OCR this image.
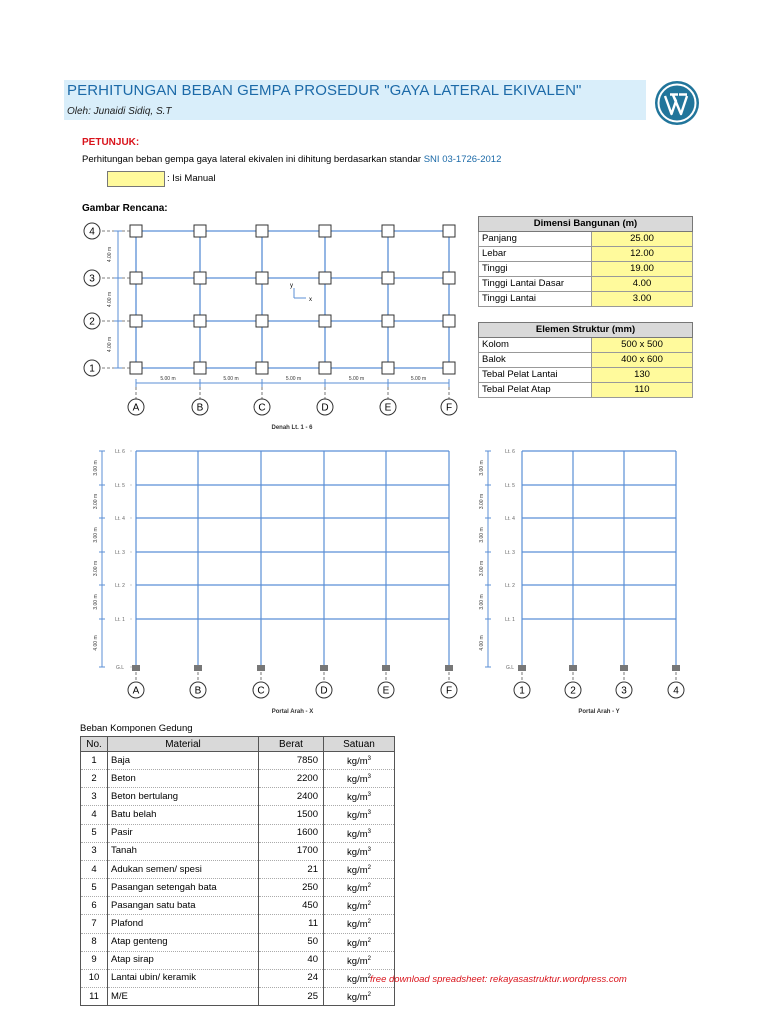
PERHITUNGAN BEBAN GEMPA PROSEDUR "GAYA LATERAL EKIVALEN"
Oleh: Junaidi Sidiq, S.T
PETUNJUK:
Perhitungan beban gempa gaya lateral ekivalen ini dihitung berdasarkan standar SNI 03-1726-2012
: Isi Manual
Gambar Rencana:
4
3
2
1
4.00 m
4.00 m
4.00 m
5.00 m	5.00 m	5.00 m	5.00 m	5.00 m
A	B	C	D	E	F
y
x
Denah Lt. 1 - 6
Dimensi Bangunan (m)	
Panjang	25.00
Lebar	12.00
Tinggi	19.00
Tinggi Lantai Dasar	4.00
Tinggi Lantai	3.00
Elemen Struktur (mm)	
Kolom	500 x 500
Balok	400 x 600
Tebal Pelat Lantai	130
Tebal Pelat Atap	110
Lt. 6
Lt. 5
Lt. 4
Lt. 3
Lt. 2
Lt. 1
G.L
3.00 m
3.00 m
3.00 m
3.00 m
3.00 m
4.00 m
A	B	C	D	E	F
Portal Arah - X
Lt. 6
Lt. 5
Lt. 4
Lt. 3
Lt. 2
Lt. 1
G.L
3.00 m
3.00 m
3.00 m
3.00 m
3.00 m
4.00 m
1	2	3	4
Portal Arah - Y
Beban Komponen Gedung
No.	Material	Berat	Satuan
1	Baja	7850	$kg/m^3$
2	Beton	2200	$kg/m^3$
3	Beton bertulang	2400	$kg/m^3$
4	Batu belah	1500	$kg/m^3$
5	Pasir	1600	$kg/m^3$
3	Tanah	1700	$kg/m^3$
4	Adukan semen/ spesi	21	$kg/m^2$
5	Pasangan setengah bata	250	$kg/m^2$
6	Pasangan satu bata	450	$kg/m^2$
7	Plafond	11	$kg/m^2$
8	Atap genteng	50	$kg/m^2$
9	Atap sirap	40	$kg/m^2$
10	Lantai ubin/ keramik	24	$kg/m^2$
11	M/E	25	$kg/m^2$
free download spreadsheet: rekayasastruktur.wordpress.com
